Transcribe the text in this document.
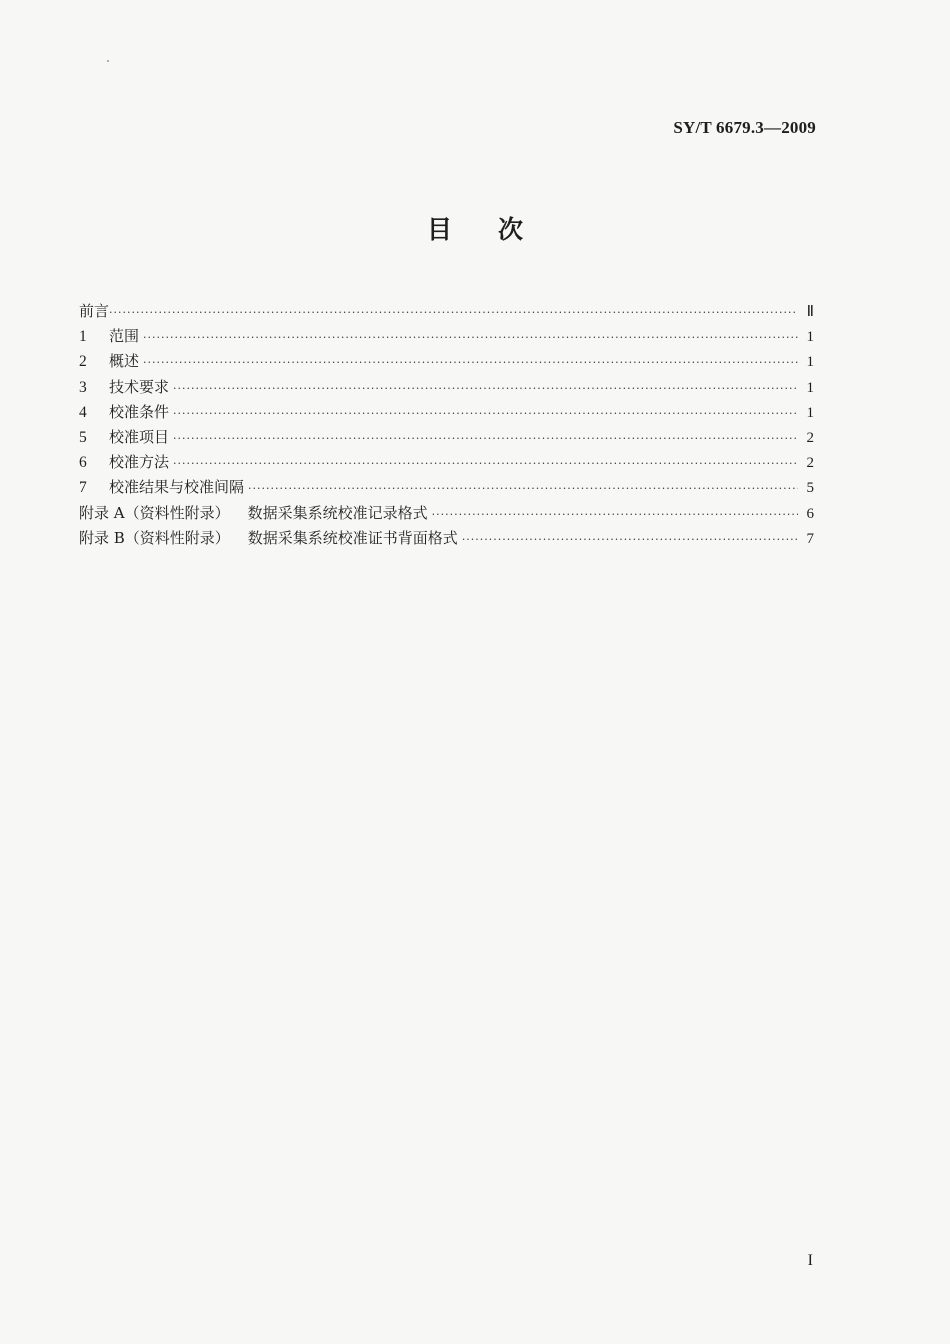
SY/T 6679.3—2009
目次
前言 ·····	Ⅱ
1	范围 ·····	1
2	概述 ·····	1
3	技术要求 ·····	1
4	校准条件 ·····	1
5	校准项目 ·····	2
6	校准方法 ·····	2
7	校准结果与校准间隔 ·····	5
附录 A（资料性附录） 数据采集系统校准记录格式 ·····	6
附录 B（资料性附录） 数据采集系统校准证书背面格式 ·····	7
I
